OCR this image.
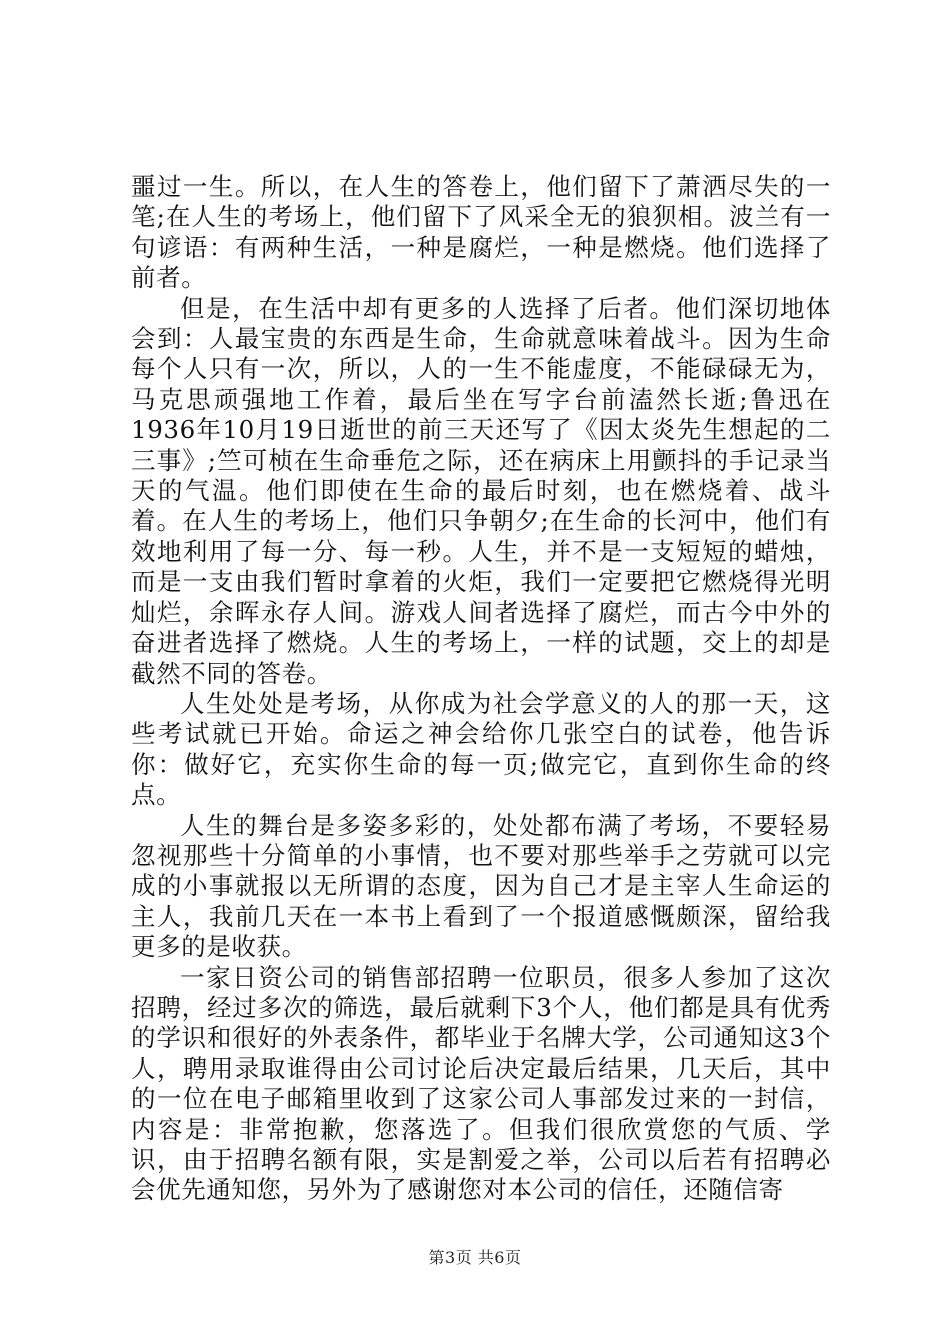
噩过一生。所以，在人生的答卷上，他们留下了萧洒尽失的一笔;在人生的考场上，他们留下了风采全无的狼狈相。波兰有一句谚语：有两种生活，一种是腐烂，一种是燃烧。他们选择了前者。

但是，在生活中却有更多的人选择了后者。他们深切地体会到：人最宝贵的东西是生命，生命就意味着战斗。因为生命每个人只有一次，所以，人的一生不能虚度，不能碌碌无为，马克思顽强地工作着，最后坐在写字台前溘然长逝;鲁迅在1936年10月19日逝世的前三天还写了《因太炎先生想起的二三事》;竺可桢在生命垂危之际，还在病床上用颤抖的手记录当天的气温。他们即使在生命的最后时刻，也在燃烧着、战斗着。在人生的考场上，他们只争朝夕;在生命的长河中，他们有效地利用了每一分、每一秒。人生，并不是一支短短的蜡烛，而是一支由我们暂时拿着的火炬，我们一定要把它燃烧得光明灿烂，余晖永存人间。游戏人间者选择了腐烂，而古今中外的奋进者选择了燃烧。人生的考场上，一样的试题，交上的却是截然不同的答卷。

人生处处是考场，从你成为社会学意义的人的那一天，这些考试就已开始。命运之神会给你几张空白的试卷，他告诉你：做好它，充实你生命的每一页;做完它，直到你生命的终点。

人生的舞台是多姿多彩的，处处都布满了考场，不要轻易忽视那些十分简单的小事情，也不要对那些举手之劳就可以完成的小事就报以无所谓的态度，因为自己才是主宰人生命运的主人，我前几天在一本书上看到了一个报道感慨颇深，留给我更多的是收获。

一家日资公司的销售部招聘一位职员，很多人参加了这次招聘，经过多次的筛选，最后就剩下3个人，他们都是具有优秀的学识和很好的外表条件，都毕业于名牌大学，公司通知这3个人，聘用录取谁得由公司讨论后决定最后结果，几天后，其中的一位在电子邮箱里收到了这家公司人事部发过来的一封信，内容是：非常抱歉，您落选了。但我们很欣赏您的气质、学识，由于招聘名额有限，实是割爱之举，公司以后若有招聘必会优先通知您，另外为了感谢您对本公司的信任，还随信寄

第3页 共6页
